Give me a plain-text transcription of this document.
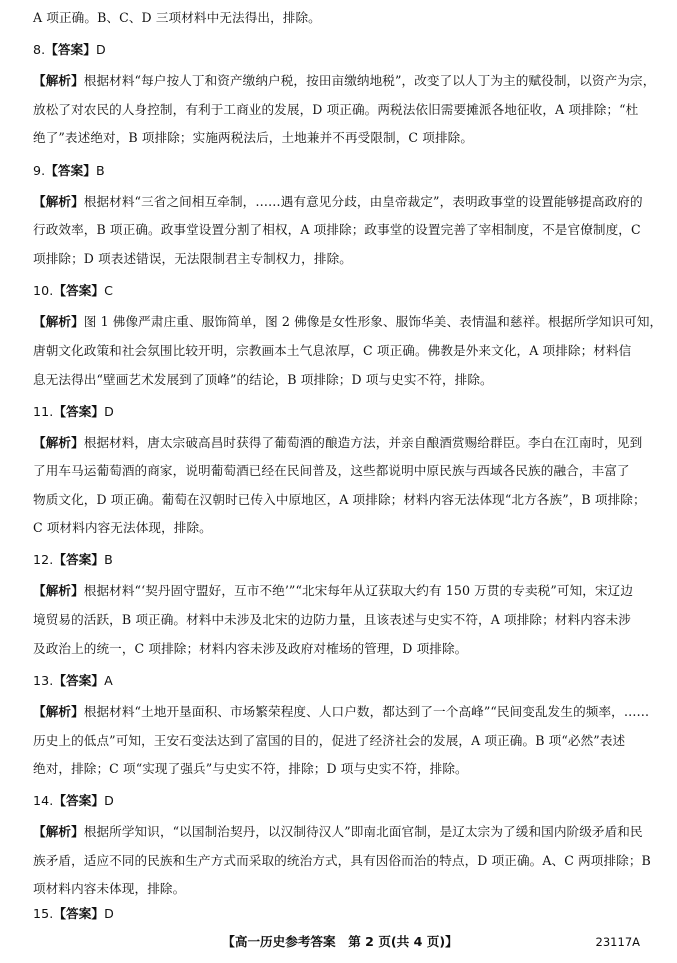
A 项正确。B、C、D 三项材料中无法得出，排除。
8.【答案】D
【解析】根据材料“每户按人丁和资产缴纳户税，按田亩缴纳地税”，改变了以人丁为主的赋役制，以资产为宗，
放松了对农民的人身控制，有利于工商业的发展，D 项正确。两税法依旧需要摊派各地征收，A 项排除；“杜
绝了”表述绝对，B 项排除；实施两税法后，土地兼并不再受限制，C 项排除。
9.【答案】B
【解析】根据材料“三省之间相互牵制，……遇有意见分歧，由皇帝裁定”，表明政事堂的设置能够提高政府的
行政效率，B 项正确。政事堂设置分割了相权，A 项排除；政事堂的设置完善了宰相制度，不是官僚制度，C
项排除；D 项表述错误，无法限制君主专制权力，排除。
10.【答案】C
【解析】图 1 佛像严肃庄重、服饰简单，图 2 佛像是女性形象、服饰华美、表情温和慈祥。根据所学知识可知，
唐朝文化政策和社会氛围比较开明，宗教画本土气息浓厚，C 项正确。佛教是外来文化，A 项排除；材料信
息无法得出“壁画艺术发展到了顶峰”的结论，B 项排除；D 项与史实不符，排除。
11.【答案】D
【解析】根据材料，唐太宗破高昌时获得了葡萄酒的酿造方法，并亲自酿酒赏赐给群臣。李白在江南时，见到
了用车马运葡萄酒的商家，说明葡萄酒已经在民间普及，这些都说明中原民族与西域各民族的融合，丰富了
物质文化，D 项正确。葡萄在汉朝时已传入中原地区，A 项排除；材料内容无法体现“北方各族”，B 项排除；
C 项材料内容无法体现，排除。
12.【答案】B
【解析】根据材料“‘契丹固守盟好，互市不绝’”“北宋每年从辽获取大约有 150 万贯的专卖税”可知，宋辽边
境贸易的活跃，B 项正确。材料中未涉及北宋的边防力量，且该表述与史实不符，A 项排除；材料内容未涉
及政治上的统一，C 项排除；材料内容未涉及政府对榷场的管理，D 项排除。
13.【答案】A
【解析】根据材料“土地开垦面积、市场繁荣程度、人口户数，都达到了一个高峰”“民间变乱发生的频率，……
历史上的低点”可知，王安石变法达到了富国的目的，促进了经济社会的发展，A 项正确。B 项“必然”表述
绝对，排除；C 项“实现了强兵”与史实不符，排除；D 项与史实不符，排除。
14.【答案】D
【解析】根据所学知识，“以国制治契丹，以汉制待汉人”即南北面官制，是辽太宗为了缓和国内阶级矛盾和民
族矛盾，适应不同的民族和生产方式而采取的统治方式，具有因俗而治的特点，D 项正确。A、C 两项排除；B
项材料内容未体现，排除。
15.【答案】D
【高一历史参考答案　第 2 页(共 4 页)】	23117A
